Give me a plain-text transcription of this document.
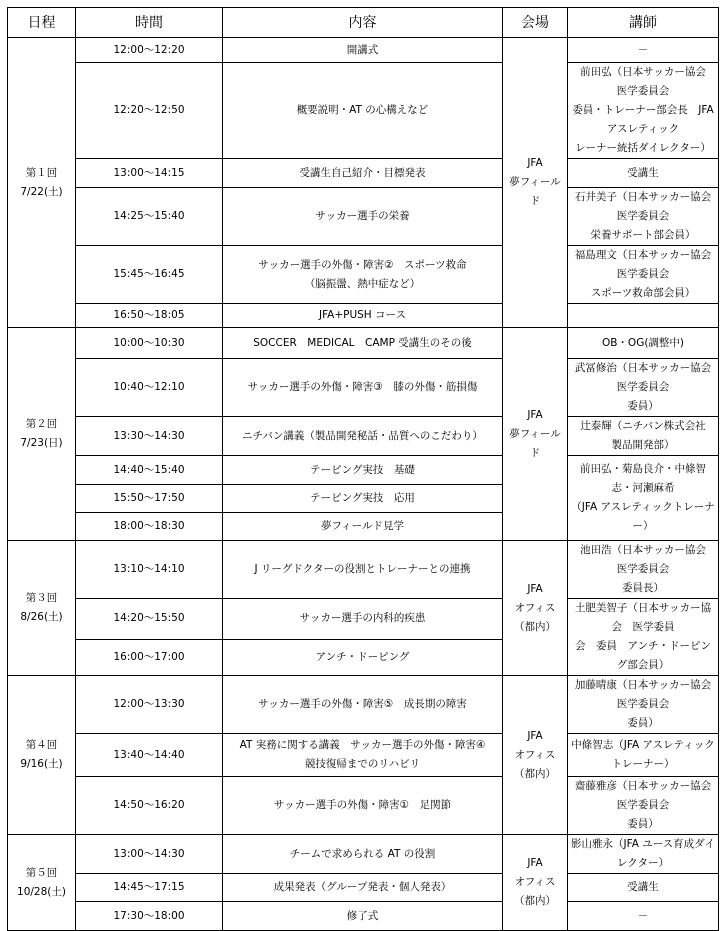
日程	時間	内容	会場	講師

第１回
7/22(土)	12:00～12:20	開講式	JFA
夢フィールド	－

	12:20～12:50	概要説明・AT の心構えなど		前田弘（日本サッカー協会　医学委員会
委員・トレーナー部会長　JFA アスレティック
レーナー統括ダイレクター）

	13:00～14:15	受講生自己紹介・目標発表		受講生

	14:25～15:40	サッカー選手の栄養		石井美子（日本サッカー協会　医学委員会
栄養サポート部会員）

	15:45～16:45	サッカー選手の外傷・障害②　スポーツ救命
（脳振盪、熱中症など）		福島理文（日本サッカー協会　医学委員会
スポーツ救命部会員）

	16:50～18:05	JFA+PUSH コース		

第２回
7/23(日)	10:00～10:30	SOCCER　MEDICAL　CAMP 受講生のその後	JFA
夢フィールド	OB・OG(調整中)

	10:40～12:10	サッカー選手の外傷・障害③　膝の外傷・筋損傷		武冨修治（日本サッカー協会　医学委員会
委員）

	13:30～14:30	ニチバン講義（製品開発秘話・品質へのこだわり）		辻泰輝（ニチバン株式会社　製品開発部）

	14:40～15:40	テーピング実技　基礎		前田弘・菊島良介・中條智志・河瀬麻希
（JFA アスレティックトレーナー）

	15:50～17:50	テーピング実技　応用		

	18:00～18:30	夢フィールド見学		

第３回
8/26(土)	13:10～14:10	J リーグドクターの役割とトレーナーとの連携	JFA
オフィス
（都内）	池田浩（日本サッカー協会　医学委員会
委員長）

	14:20～15:50	サッカー選手の内科的疾患		土肥美智子（日本サッカー協会　医学委員
会　委員　アンチ・ドーピング部会員）

	16:00～17:00	アンチ・ドーピング		

第４回
9/16(土)	12:00～13:30	サッカー選手の外傷・障害⑤　成長期の障害	JFA
オフィス
（都内）	加藤晴康（日本サッカー協会　医学委員会
委員）

	13:40～14:40	AT 実務に関する講義　サッカー選手の外傷・障害④
競技復帰までのリハビリ		中條智志（JFA アスレティックトレーナー）

	14:50～16:20	サッカー選手の外傷・障害①　足関節		齋藤雅彦（日本サッカー協会　医学委員会
委員）

第５回
10/28(土)	13:00～14:30	チームで求められる AT の役割	JFA
オフィス
（都内）	影山雅永（JFA ユース育成ダイレクター）

	14:45～17:15	成果発表（グループ発表・個人発表）		受講生

	17:30～18:00	修了式		－
